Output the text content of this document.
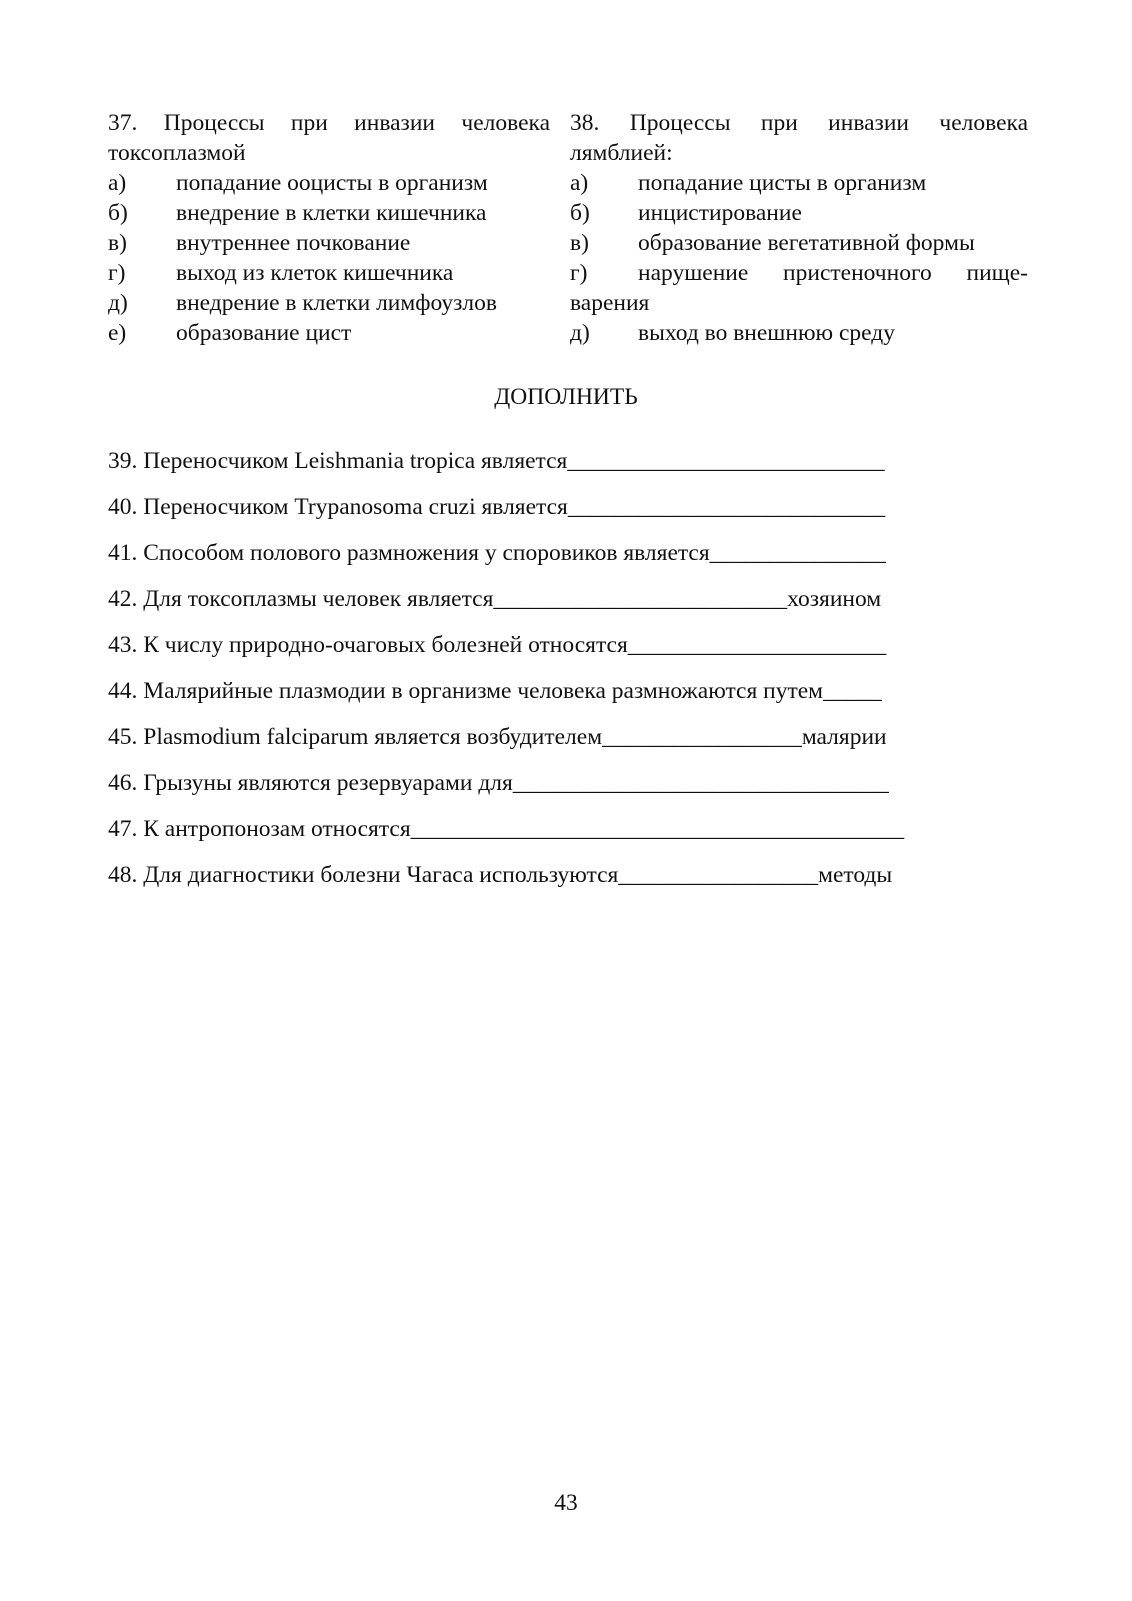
37. Процессы при инвазии человека токсоплазмой
а)	попадание ооцисты в организм
б)	внедрение в клетки кишечника
в)	внутреннее почкование
г)	выход из клеток кишечника
д)	внедрение в клетки лимфоузлов
е)	образование цист
38. Процессы при инвазии человека лямблией:
а)	попадание цисты в организм
б)	инцистирование
в)	образование вегетативной формы
г)	нарушение пристеночного пище-
варения
д)	выход во внешнюю среду
ДОПОЛНИТЬ
39. Переносчиком Leishmania tropica является___________________________
40. Переносчиком Trypanosoma cruzi является___________________________
41. Способом полового размножения у споровиков является_______________
42. Для токсоплазмы человек является_________________________хозяином
43. К числу природно-очаговых болезней относятся______________________
44. Малярийные плазмодии в организме человека размножаются путем_____
45. Plasmodium falciparum является возбудителем_________________малярии
46. Грызуны являются резервуарами для________________________________
47. К антропонозам относятся__________________________________________
48. Для диагностики болезни Чагаса используются_________________методы
43
